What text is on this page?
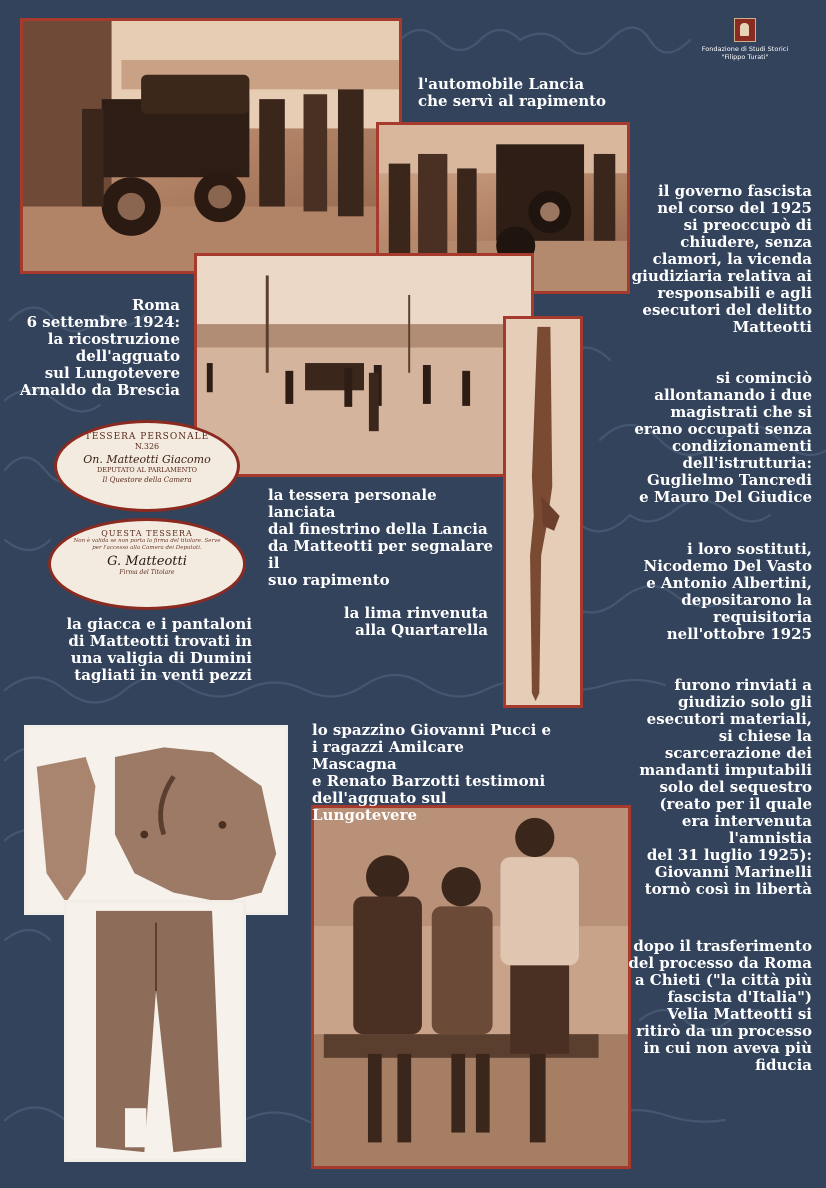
Fondazione di Studi Storici
"Filippo Turati"
TESSERA PERSONALE
N.326
On. Matteotti Giacomo
DEPUTATO AL PARLAMENTO
Il Questore della Camera
QUESTA TESSERA
Non è valida se non porta la firma del titolare. Serve per l'accesso alla Camera dei Deputati.
G. Matteotti
Firma del Titolare

l'automobile Lancia
che servì al rapimento

Roma
6 settembre 1924:
la ricostruzione
dell'agguato
sul Lungotevere
Arnaldo da Brescia

la tessera personale lanciata
dal finestrino della Lancia
da Matteotti per segnalare il
suo rapimento

la lima rinvenuta
alla Quartarella

la giacca e i pantaloni
di Matteotti trovati in
una valigia di Dumini
tagliati in venti pezzi

lo spazzino Giovanni Pucci e
i ragazzi Amilcare Mascagna
e Renato Barzotti testimoni
dell'agguato sul Lungotevere

il governo fascista
nel corso del 1925
si preoccupò di
chiudere, senza
clamori, la vicenda
giudiziaria relativa ai
responsabili e agli
esecutori del delitto
Matteotti

si cominciò
allontanando i due
magistrati che si
erano occupati senza
condizionamenti
dell'istrutturia:
Guglielmo Tancredi
e Mauro Del Giudice

i loro sostituti,
Nicodemo Del Vasto
e Antonio Albertini,
depositarono la
requisitoria
nell'ottobre 1925

furono rinviati a
giudizio solo gli
esecutori materiali,
si chiese la
scarcerazione dei
mandanti imputabili
solo del sequestro
(reato per il quale
era intervenuta
l'amnistia
del 31 luglio 1925):
Giovanni Marinelli
tornò così in libertà

dopo il trasferimento
del processo da Roma
a Chieti ("la città più
fascista d'Italia")
Velia Matteotti si
ritirò da un processo
in cui non aveva più
fiducia
